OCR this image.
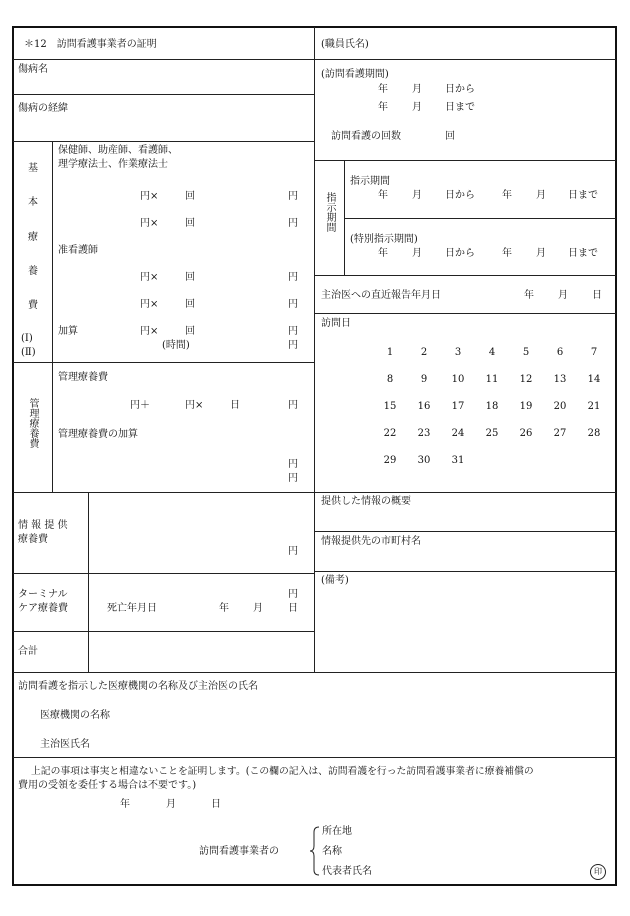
＊12　訪問看護事業者の証明	(職員氏名)
傷病名
傷病の経緯
基
本
療
養
費
(Ⅰ)
(Ⅱ)
保健師、助産師、看護師、
理学療法士、作業療法士
円×	回	円
円×	回	円
准看護師
円×	回	円
円×	回	円
加算	円×	回	円
(時間)	円
管理療養費
管理療養費
円＋	円×	日	円
管理療養費の加算
円
円
情 報 提 供
療養費
円
ターミナル
ケア療養費
円
死亡年月日	年 月	日
合計
(訪問看護期間)
年 月 日から
年 月 日まで
訪問看護の回数	回
指示期間
指示期間
年 月 日から	年 月 日まで
(特別指示期間)
年 月 日から	年 月 日まで
主治医への直近報告年月日	年 月 日
訪問日
1	2	3	4	5	6	7
8	9	10	11	12	13	14
15	16	17	18	19	20	21
22	23	24	25	26	27	28
29	30	31
提供した情報の概要
情報提供先の市町村名
(備考)
訪問看護を指示した医療機関の名称及び主治医の氏名
医療機関の名称
主治医氏名
上記の事項は事実と相違ないことを証明します。(この欄の記入は、訪問看護を行った訪問看護事業者に療養補償の
費用の受領を委任する場合は不要です。)
年	月	日
訪問看護事業者の
所在地
名称
代表者氏名	印
